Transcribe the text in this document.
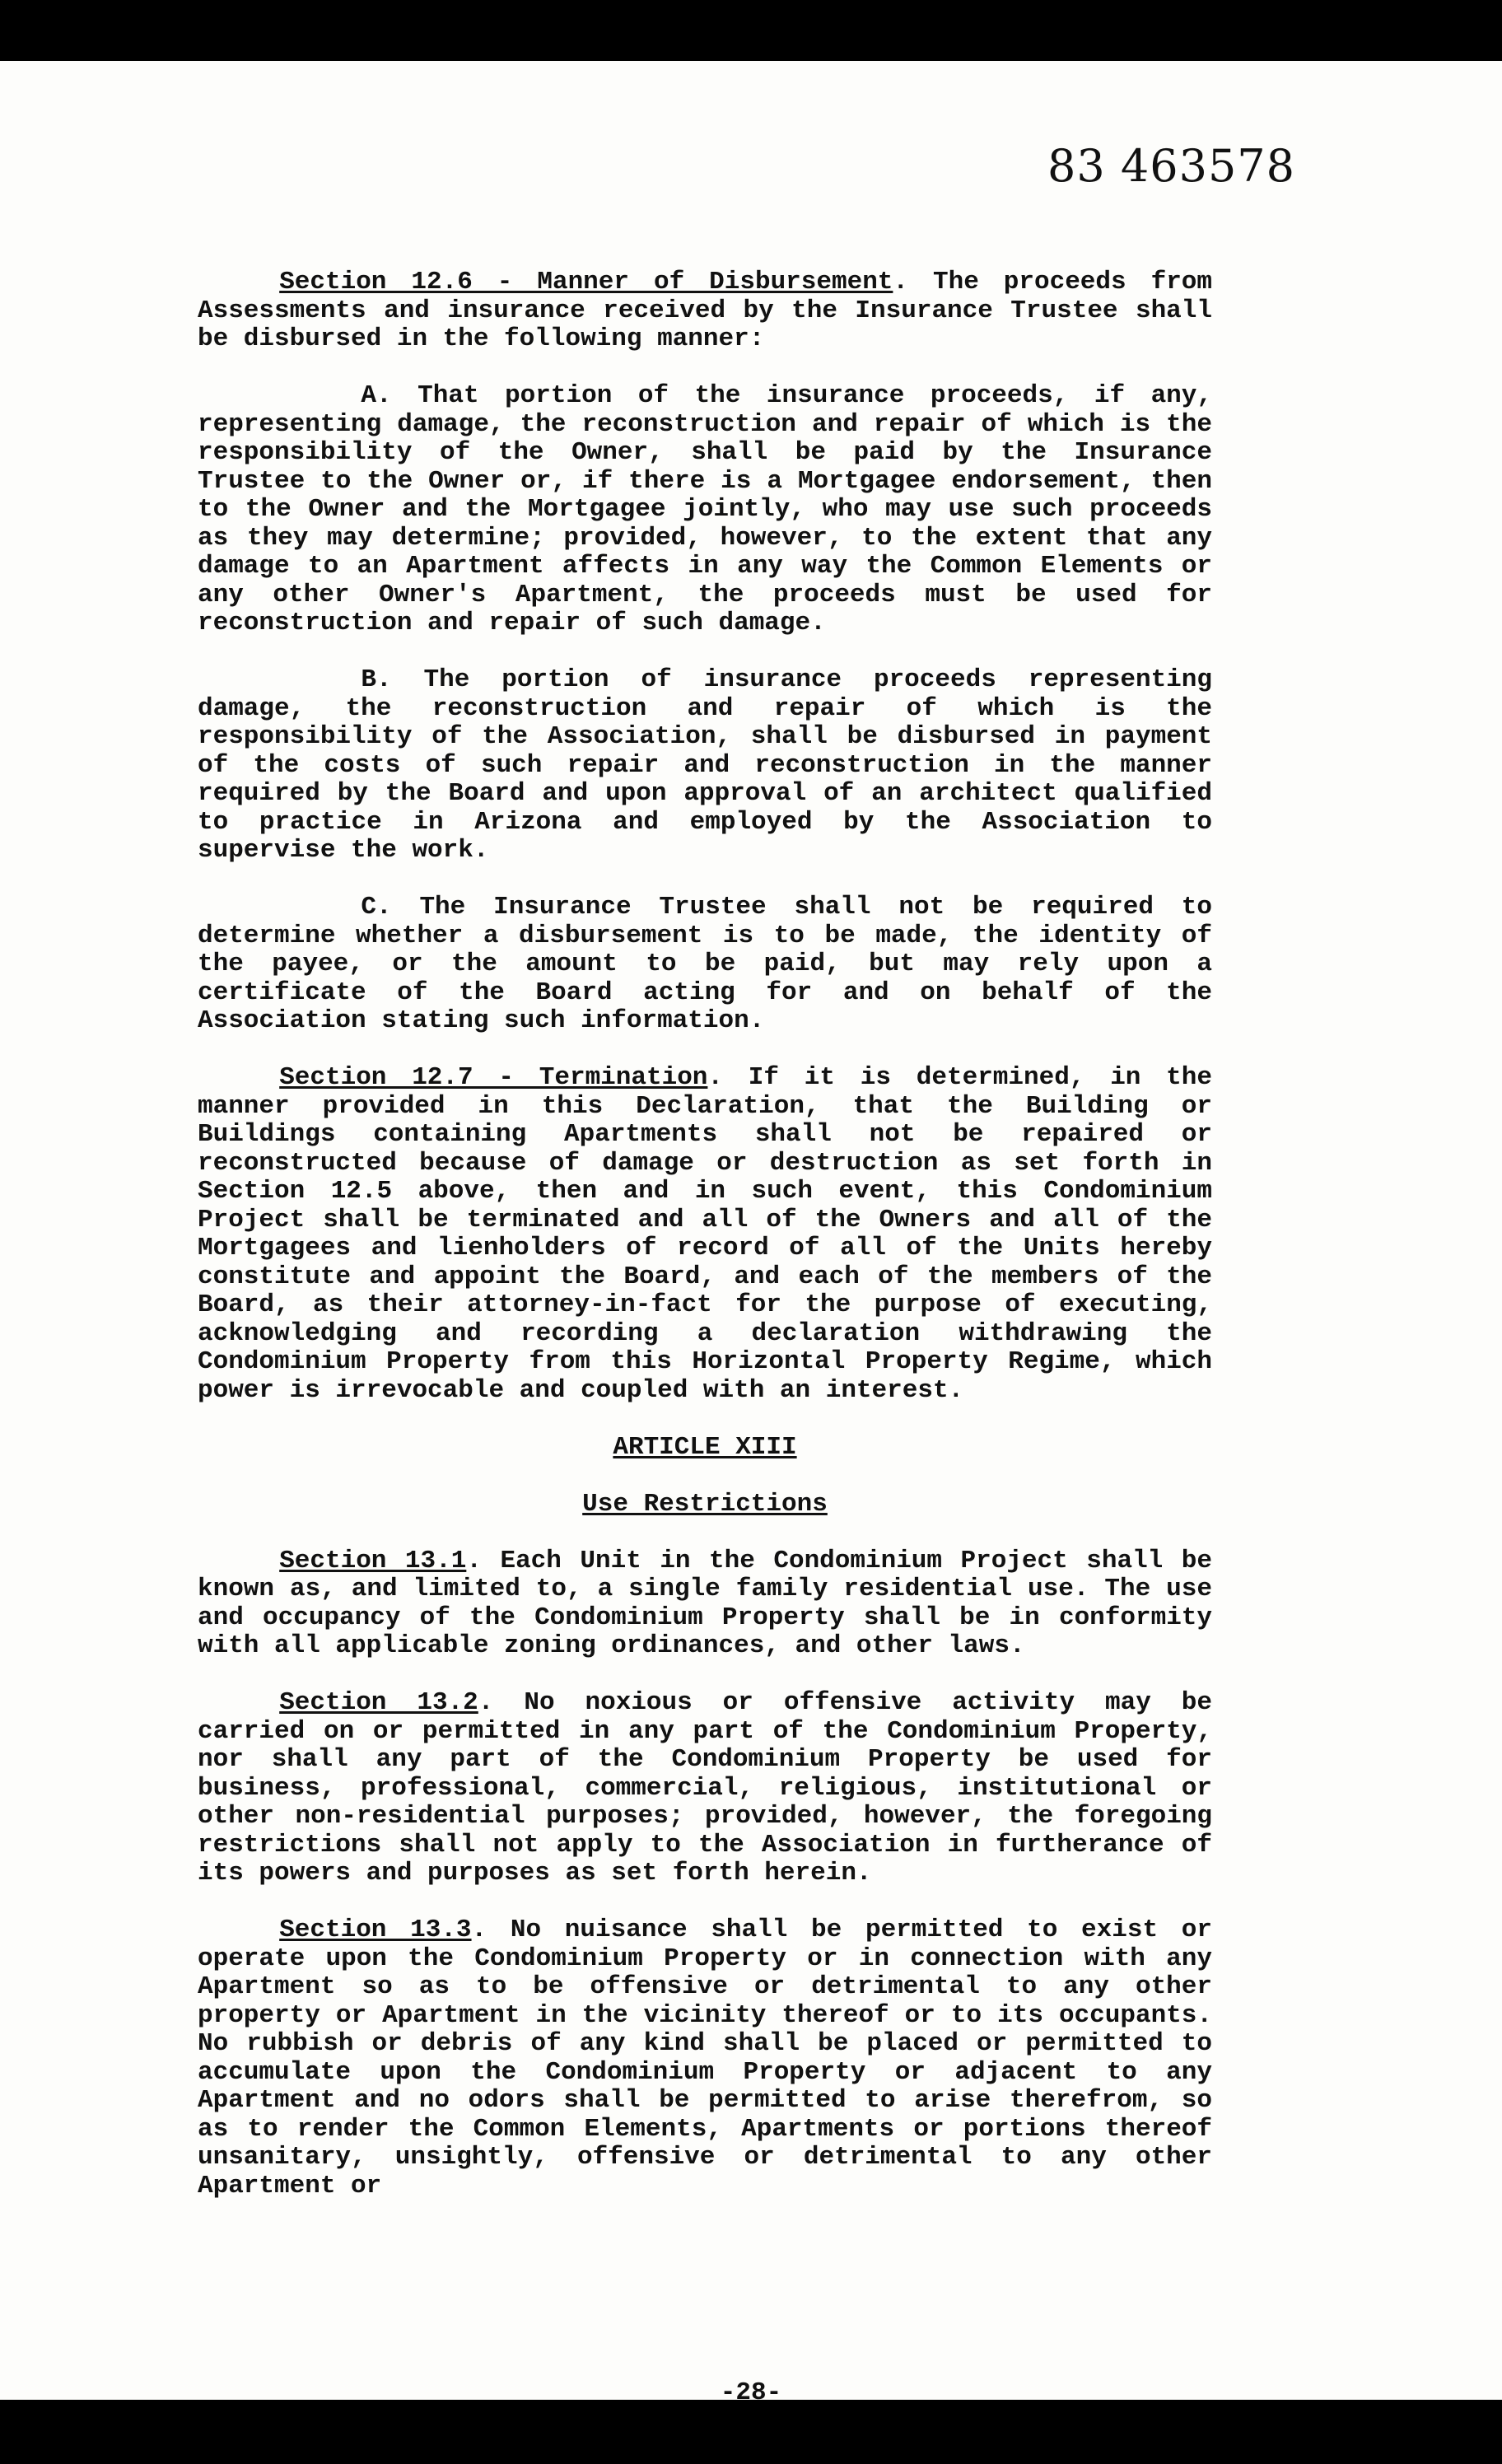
83 463578

Section 12.6 - Manner of Disbursement. The proceeds from Assessments and insurance received by the Insurance Trustee shall be disbursed in the following manner:

A. That portion of the insurance proceeds, if any, representing damage, the reconstruction and repair of which is the responsibility of the Owner, shall be paid by the Insurance Trustee to the Owner or, if there is a Mortgagee endorsement, then to the Owner and the Mortgagee jointly, who may use such proceeds as they may determine; provided, however, to the extent that any damage to an Apartment affects in any way the Common Elements or any other Owner's Apartment, the proceeds must be used for reconstruction and repair of such damage.

B. The portion of insurance proceeds representing damage, the reconstruction and repair of which is the responsibility of the Association, shall be disbursed in payment of the costs of such repair and reconstruction in the manner required by the Board and upon approval of an architect qualified to practice in Arizona and employed by the Association to supervise the work.

C. The Insurance Trustee shall not be required to determine whether a disbursement is to be made, the identity of the payee, or the amount to be paid, but may rely upon a certificate of the Board acting for and on behalf of the Association stating such information.

Section 12.7 - Termination. If it is determined, in the manner provided in this Declaration, that the Building or Buildings containing Apartments shall not be repaired or reconstructed because of damage or destruction as set forth in Section 12.5 above, then and in such event, this Condominium Project shall be terminated and all of the Owners and all of the Mortgagees and lienholders of record of all of the Units hereby constitute and appoint the Board, and each of the members of the Board, as their attorney-in-fact for the purpose of executing, acknowledging and recording a declaration withdrawing the Condominium Property from this Horizontal Property Regime, which power is irrevocable and coupled with an interest.

ARTICLE XIII

Use Restrictions

Section 13.1. Each Unit in the Condominium Project shall be known as, and limited to, a single family residential use. The use and occupancy of the Condominium Property shall be in conformity with all applicable zoning ordinances, and other laws.

Section 13.2. No noxious or offensive activity may be carried on or permitted in any part of the Condominium Property, nor shall any part of the Condominium Property be used for business, professional, commercial, religious, institutional or other non-residential purposes; provided, however, the foregoing restrictions shall not apply to the Association in furtherance of its powers and purposes as set forth herein.

Section 13.3. No nuisance shall be permitted to exist or operate upon the Condominium Property or in connection with any Apartment so as to be offensive or detrimental to any other property or Apartment in the vicinity thereof or to its occupants. No rubbish or debris of any kind shall be placed or permitted to accumulate upon the Condominium Property or adjacent to any Apartment and no odors shall be permitted to arise therefrom, so as to render the Common Elements, Apartments or portions thereof unsanitary, unsightly, offensive or detrimental to any other Apartment or

-28-
